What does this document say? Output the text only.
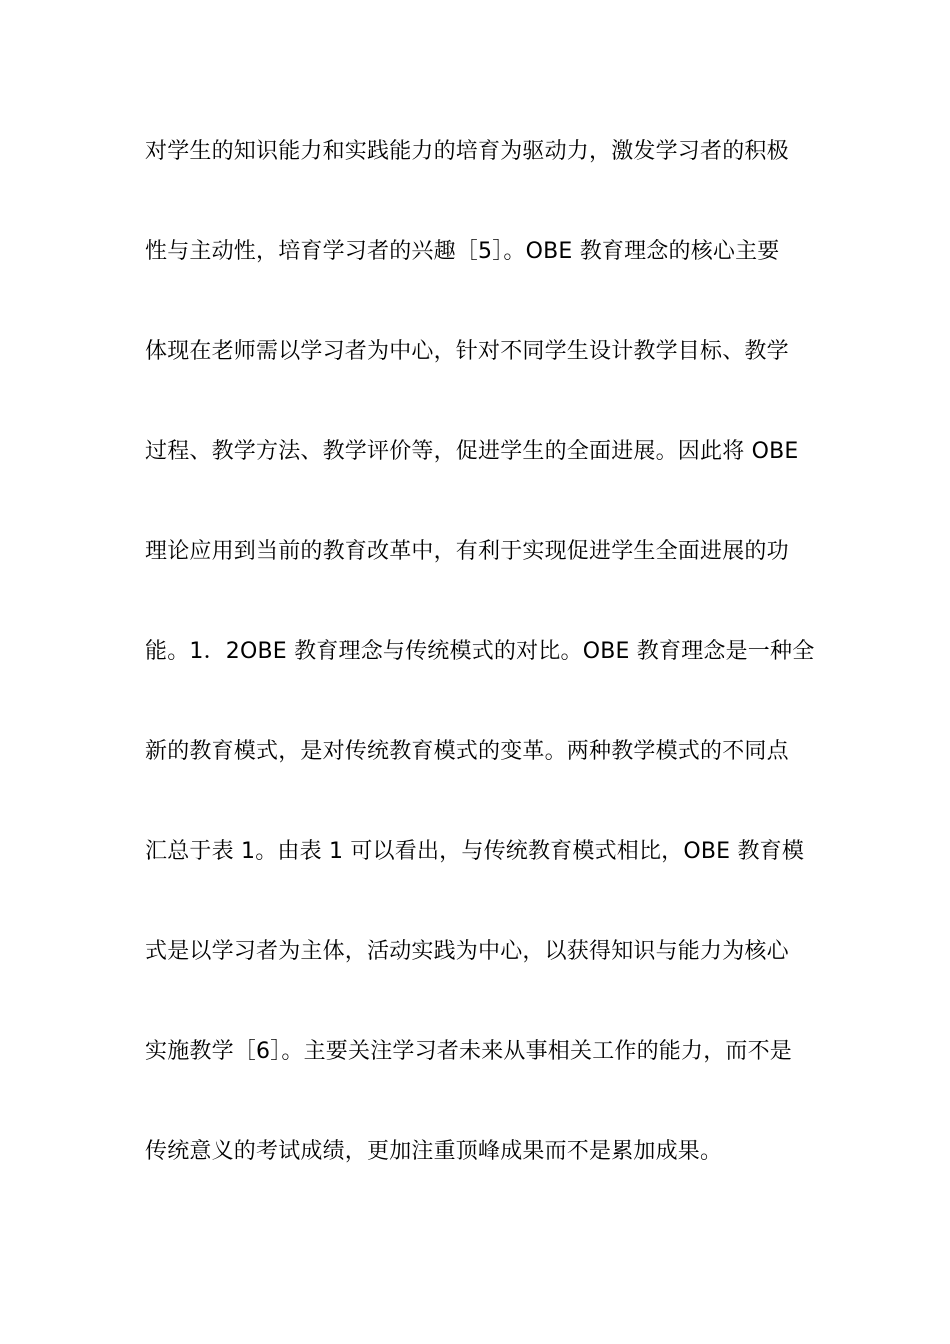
对学生的知识能力和实践能力的培育为驱动力，激发学习者的积极
性与主动性，培育学习者的兴趣［5］。OBE 教育理念的核心主要
体现在老师需以学习者为中心，针对不同学生设计教学目标、教学
过程、教学方法、教学评价等，促进学生的全面进展。因此将 OBE
理论应用到当前的教育改革中，有利于实现促进学生全面进展的功
能。1．2OBE 教育理念与传统模式的对比。OBE 教育理念是一种全
新的教育模式，是对传统教育模式的变革。两种教学模式的不同点
汇总于表 1。由表 1 可以看出，与传统教育模式相比，OBE 教育模
式是以学习者为主体，活动实践为中心，以获得知识与能力为核心
实施教学［6］。主要关注学习者未来从事相关工作的能力，而不是
传统意义的考试成绩，更加注重顶峰成果而不是累加成果。
